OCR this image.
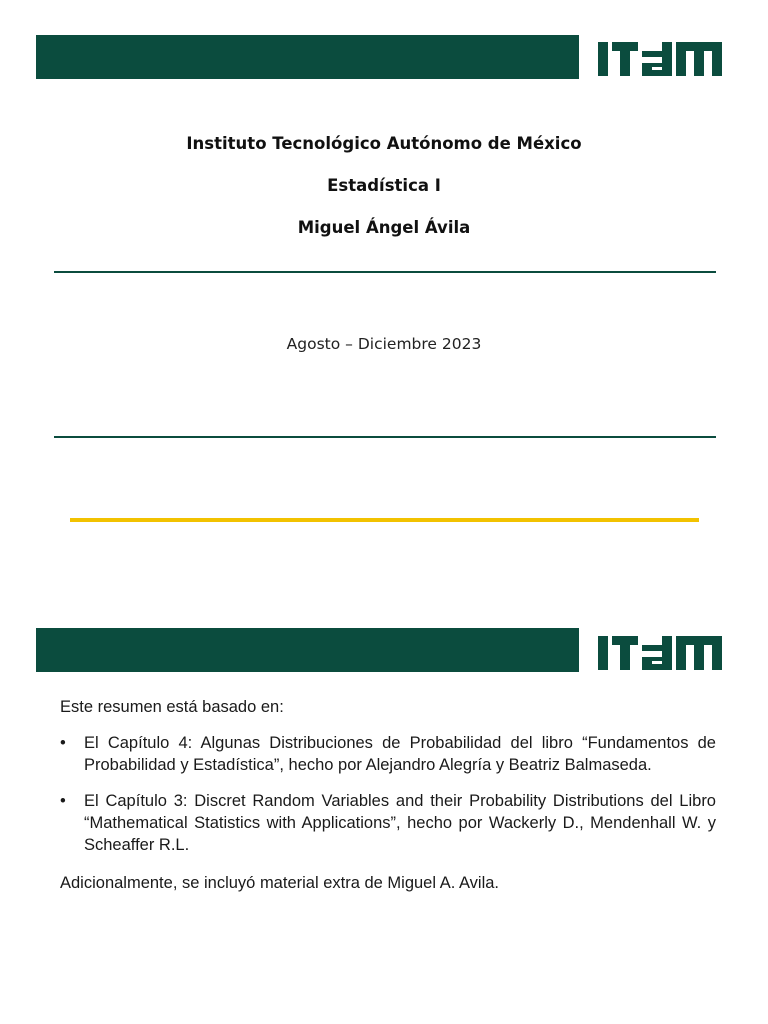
Instituto Tecnológico Autónomo de México
Estadística I
Miguel Ángel Ávila
Agosto – Diciembre 2023

Este resumen está basado en:

• El Capítulo 4: Algunas Distribuciones de Probabilidad del libro “Fundamentos de Probabilidad y Estadística”, hecho por Alejandro Alegría y Beatriz Balmaseda.
• El Capítulo 3: Discret Random Variables and their Probability Distributions del Libro “Mathematical Statistics with Applications”, hecho por Wackerly D., Mendenhall W. y Scheaffer R.L.

Adicionalmente, se incluyó material extra de Miguel A. Avila.
